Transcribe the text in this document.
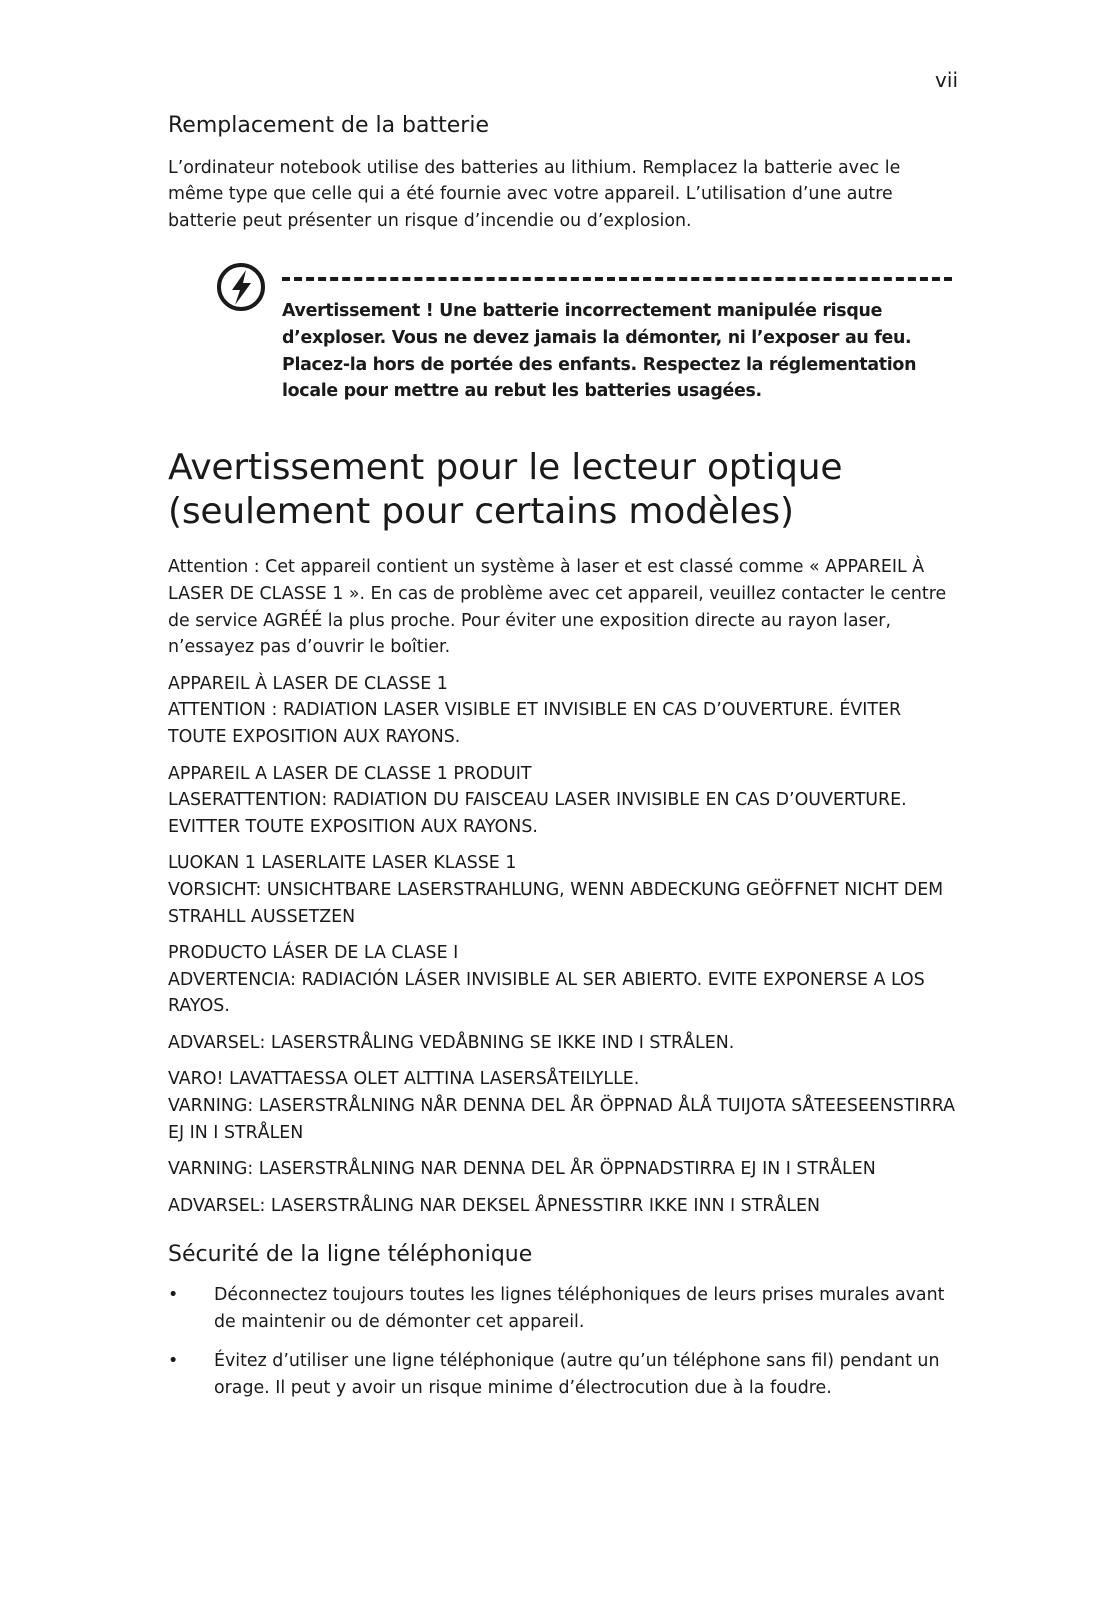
vii
Remplacement de la batterie

L’ordinateur notebook utilise des batteries au lithium. Remplacez la batterie avec le même type que celle qui a été fournie avec votre appareil. L’utilisation d’une autre batterie peut présenter un risque d’incendie ou d’explosion.

Avertissement ! Une batterie incorrectement manipulée risque d’exploser. Vous ne devez jamais la démonter, ni l’exposer au feu. Placez-la hors de portée des enfants. Respectez la réglementation locale pour mettre au rebut les batteries usagées.

Avertissement pour le lecteur optique
(seulement pour certains modèles)

Attention : Cet appareil contient un système à laser et est classé comme « APPAREIL À LASER DE CLASSE 1 ». En cas de problème avec cet appareil, veuillez contacter le centre de service AGRÉÉ la plus proche. Pour éviter une exposition directe au rayon laser, n’essayez pas d’ouvrir le boîtier.

APPAREIL À LASER DE CLASSE 1
ATTENTION : RADIATION LASER VISIBLE ET INVISIBLE EN CAS D’OUVERTURE. ÉVITER TOUTE EXPOSITION AUX RAYONS.
APPAREIL A LASER DE CLASSE 1 PRODUIT
LASERATTENTION: RADIATION DU FAISCEAU LASER INVISIBLE EN CAS D’OUVERTURE. EVITTER TOUTE EXPOSITION AUX RAYONS.
LUOKAN 1 LASERLAITE LASER KLASSE 1
VORSICHT: UNSICHTBARE LASERSTRAHLUNG, WENN ABDECKUNG GEÖFFNET NICHT DEM STRAHLL AUSSETZEN
PRODUCTO LÁSER DE LA CLASE I
ADVERTENCIA: RADIACIÓN LÁSER INVISIBLE AL SER ABIERTO. EVITE EXPONERSE A LOS RAYOS.
ADVARSEL: LASERSTRÅLING VEDÅBNING SE IKKE IND I STRÅLEN.
VARO! LAVATTAESSA OLET ALTTINA LASERSÅTEILYLLE.
VARNING: LASERSTRÅLNING NÅR DENNA DEL ÅR ÖPPNAD ÅLÅ TUIJOTA SÅTEESEENSTIRRA EJ IN I STRÅLEN
VARNING: LASERSTRÅLNING NAR DENNA DEL ÅR ÖPPNADSTIRRA EJ IN I STRÅLEN
ADVARSEL: LASERSTRÅLING NAR DEKSEL ÅPNESSTIRR IKKE INN I STRÅLEN
Sécurité de la ligne téléphonique
• Déconnectez toujours toutes les lignes téléphoniques de leurs prises murales avant de maintenir ou de démonter cet appareil.
• Évitez d’utiliser une ligne téléphonique (autre qu’un téléphone sans fil) pendant un orage. Il peut y avoir un risque minime d’électrocution due à la foudre.
